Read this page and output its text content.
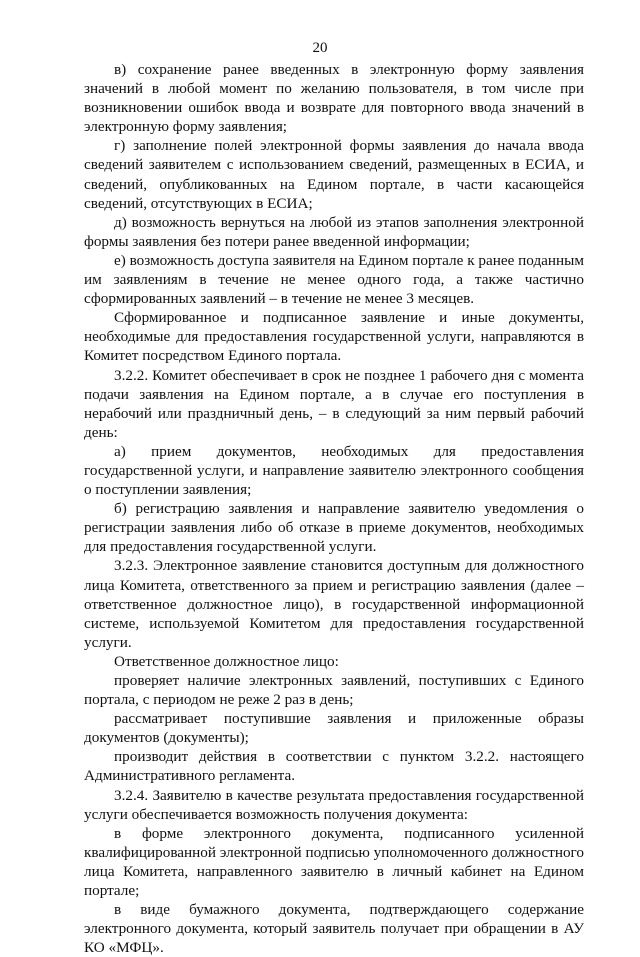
20

в) сохранение ранее введенных в электронную форму заявления значений в любой момент по желанию пользователя, в том числе при возникновении ошибок ввода и возврате для повторного ввода значений в электронную форму заявления;

г) заполнение полей электронной формы заявления до начала ввода сведений заявителем с использованием сведений, размещенных в ЕСИА, и сведений, опубликованных на Едином портале, в части касающейся сведений, отсутствующих в ЕСИА;

д) возможность вернуться на любой из этапов заполнения электронной формы заявления без потери ранее введенной информации;

е) возможность доступа заявителя на Едином портале к ранее поданным им заявлениям в течение не менее одного года, а также частично сформированных заявлений – в течение не менее 3 месяцев.

Сформированное и подписанное заявление и иные документы, необходимые для предоставления государственной услуги, направляются в Комитет посредством Единого портала.

3.2.2. Комитет обеспечивает в срок не позднее 1 рабочего дня с момента подачи заявления на Едином портале, а в случае его поступления в нерабочий или праздничный день, – в следующий за ним первый рабочий день:

а) прием документов, необходимых для предоставления государственной услуги, и направление заявителю электронного сообщения о поступлении заявления;

б) регистрацию заявления и направление заявителю уведомления о регистрации заявления либо об отказе в приеме документов, необходимых для предоставления государственной услуги.

3.2.3. Электронное заявление становится доступным для должностного лица Комитета, ответственного за прием и регистрацию заявления (далее – ответственное должностное лицо), в государственной информационной системе, используемой Комитетом для предоставления государственной услуги.

Ответственное должностное лицо:

проверяет наличие электронных заявлений, поступивших с Единого портала, с периодом не реже 2 раз в день;

рассматривает поступившие заявления и приложенные образы документов (документы);

производит действия в соответствии с пунктом 3.2.2. настоящего Административного регламента.

3.2.4. Заявителю в качестве результата предоставления государственной услуги обеспечивается возможность получения документа:

в форме электронного документа, подписанного усиленной квалифицированной электронной подписью уполномоченного должностного лица Комитета, направленного заявителю в личный кабинет на Едином портале;

в виде бумажного документа, подтверждающего содержание электронного документа, который заявитель получает при обращении в АУ КО «МФЦ».
